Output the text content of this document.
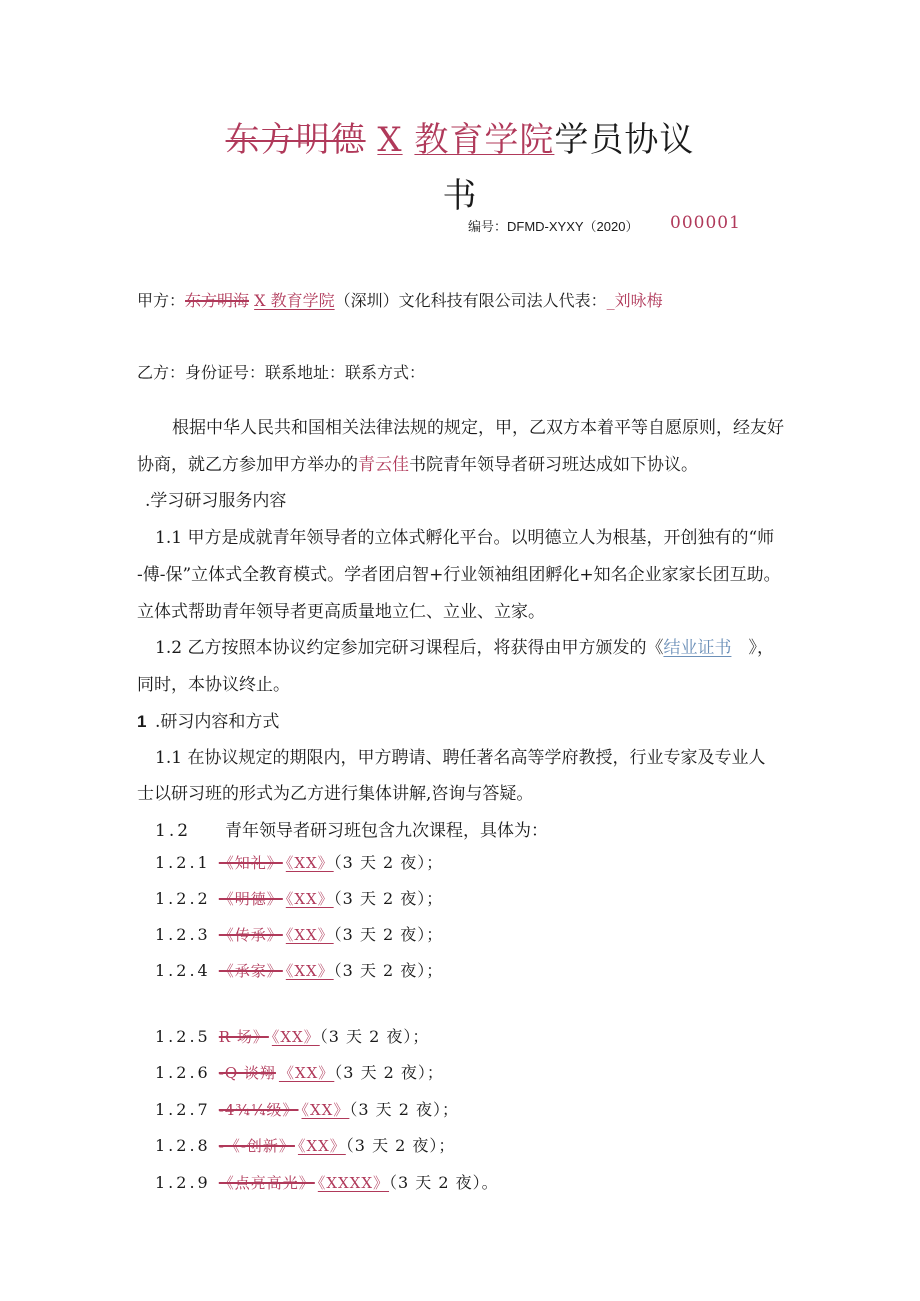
东方明德 X 教育学院学员协议
书
编号：DFMD-XYXY（2020） 000001
甲方：东方明海 X 教育学院（深圳）文化科技有限公司法人代表：_刘咏梅
乙方：身份证号：联系地址：联系方式：
根据中华人民共和国相关法律法规的规定，甲，乙双方本着平等自愿原则，经友好
协商，就乙方参加甲方举办的青云佳书院青年领导者研习班达成如下协议。
.学习研习服务内容
1.1 甲方是成就青年领导者的立体式孵化平台。以明德立人为根基，开创独有的“师
-傅-保”立体式全教育模式。学者团启智+行业领袖组团孵化+知名企业家家长团互助。
立体式帮助青年领导者更高质量地立仁、立业、立家。
1.2 乙方按照本协议约定参加完研习课程后，将获得由甲方颁发的《结业证书  》，
同时，本协议终止。
1  .研习内容和方式
1.1 在协议规定的期限内，甲方聘请、聘任著名高等学府教授，行业专家及专业人
士以研习班的形式为乙方进行集体讲解,咨询与答疑。
1.2   青年领导者研习班包含九次课程，具体为：
1.2.1 《知礼》 《XX》（3 天 2 夜）；
1.2.2 《明德》 《XX》（3 天 2 夜）；
1.2.3 《传承》 《XX》（3 天 2 夜）；
1.2.4 《承家》 《XX》（3 天 2 夜）；
1.2.5 R 场》 《XX》（3 天 2 夜）；
1.2.6 -Q 谈翔 《XX》（3 天 2 夜）；
1.2.7 -4¾¼级》 《XX》（3 天 2 夜）；
1.2.8 -《-创新》 《XX》（3 天 2 夜）；
1.2.9 《点亮高光》 《XXXX》（3 天 2 夜）。
